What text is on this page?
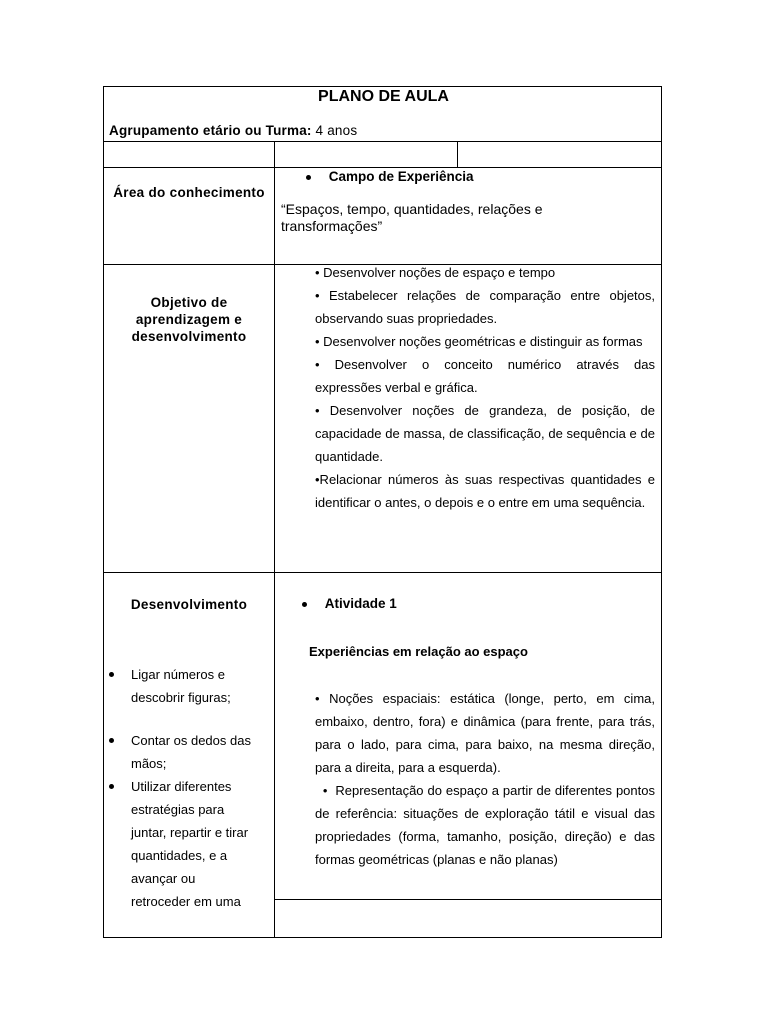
PLANO DE AULA
Agrupamento etário ou Turma: 4 anos
Área do conhecimento
Campo de Experiência
“Espaços, tempo, quantidades, relações e transformações”
Objetivo de aprendizagem e desenvolvimento

• Desenvolver noções de espaço e tempo

• Estabelecer relações de comparação entre objetos, observando suas propriedades.

• Desenvolver noções geométricas e distinguir as formas

• Desenvolver o conceito numérico através das expressões verbal e gráfica.

• Desenvolver noções de grandeza, de posição, de capacidade de massa, de classificação, de sequência e de quantidade.

•Relacionar números às suas respectivas quantidades e identificar o antes, o depois e o entre em uma sequência.

Desenvolvimento
Ligar números e descobrir figuras;
Contar os dedos das mãos;
Utilizar diferentes estratégias para juntar, repartir e tirar quantidades, e a avançar ou retroceder em uma
Atividade 1
Experiências em relação ao espaço

• Noções espaciais: estática (longe, perto, em cima, embaixo, dentro, fora) e dinâmica (para frente, para trás, para o lado, para cima, para baixo, na mesma direção, para a direita, para a esquerda).

•  Representação do espaço a partir de diferentes pontos de referência: situações de exploração tátil e visual das propriedades (forma, tamanho, posição, direção) e das formas geométricas (planas e não planas)
